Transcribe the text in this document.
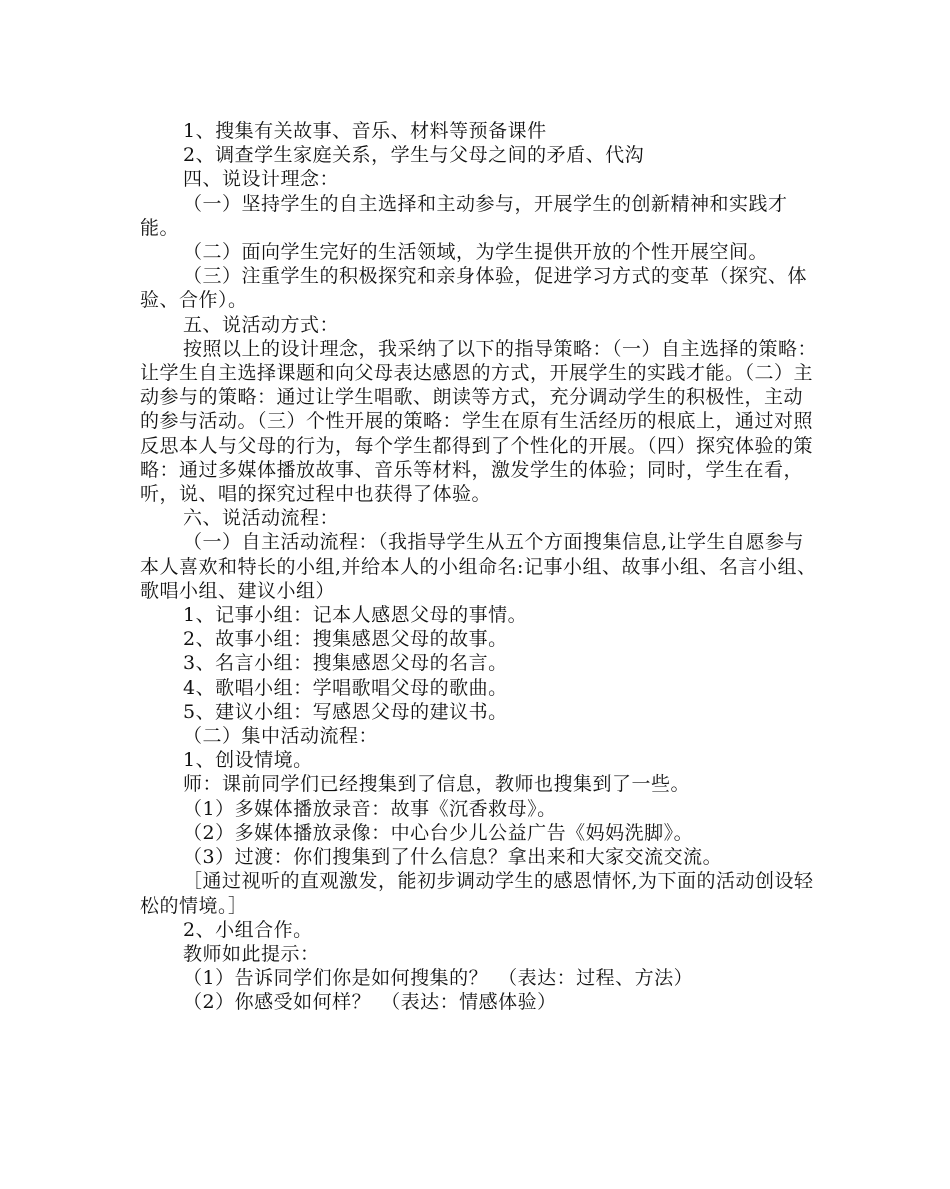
1、搜集有关故事、音乐、材料等预备课件

2、调查学生家庭关系，学生与父母之间的矛盾、代沟

四、说设计理念：

（一）坚持学生的自主选择和主动参与，开展学生的创新精神和实践才能。

（二）面向学生完好的生活领域，为学生提供开放的个性开展空间。

（三）注重学生的积极探究和亲身体验，促进学习方式的变革（探究、体验、合作）。

五、说活动方式：

按照以上的设计理念，我采纳了以下的指导策略：（一）自主选择的策略：让学生自主选择课题和向父母表达感恩的方式，开展学生的实践才能。（二）主动参与的策略：通过让学生唱歌、朗读等方式，充分调动学生的积极性，主动的参与活动。（三）个性开展的策略：学生在原有生活经历的根底上，通过对照反思本人与父母的行为，每个学生都得到了个性化的开展。（四）探究体验的策略：通过多媒体播放故事、音乐等材料，激发学生的体验；同时，学生在看，听，说、唱的探究过程中也获得了体验。

六、说活动流程：

（一）自主活动流程：（我指导学生从五个方面搜集信息,让学生自愿参与本人喜欢和特长的小组,并给本人的小组命名:记事小组、故事小组、名言小组、歌唱小组、建议小组）

1、记事小组：记本人感恩父母的事情。

2、故事小组：搜集感恩父母的故事。

3、名言小组：搜集感恩父母的名言。

4、歌唱小组：学唱歌唱父母的歌曲。

5、建议小组：写感恩父母的建议书。

（二）集中活动流程：

1、创设情境。

师：课前同学们已经搜集到了信息，教师也搜集到了一些。

（1）多媒体播放录音：故事《沉香救母》。

（2）多媒体播放录像：中心台少儿公益广告《妈妈洗脚》。

（3）过渡：你们搜集到了什么信息？拿出来和大家交流交流。

［通过视听的直观激发，能初步调动学生的感恩情怀,为下面的活动创设轻松的情境。］

2、小组合作。

教师如此提示：

（1）告诉同学们你是如何搜集的？　（表达：过程、方法）

（2）你感受如何样？　（表达：情感体验）
